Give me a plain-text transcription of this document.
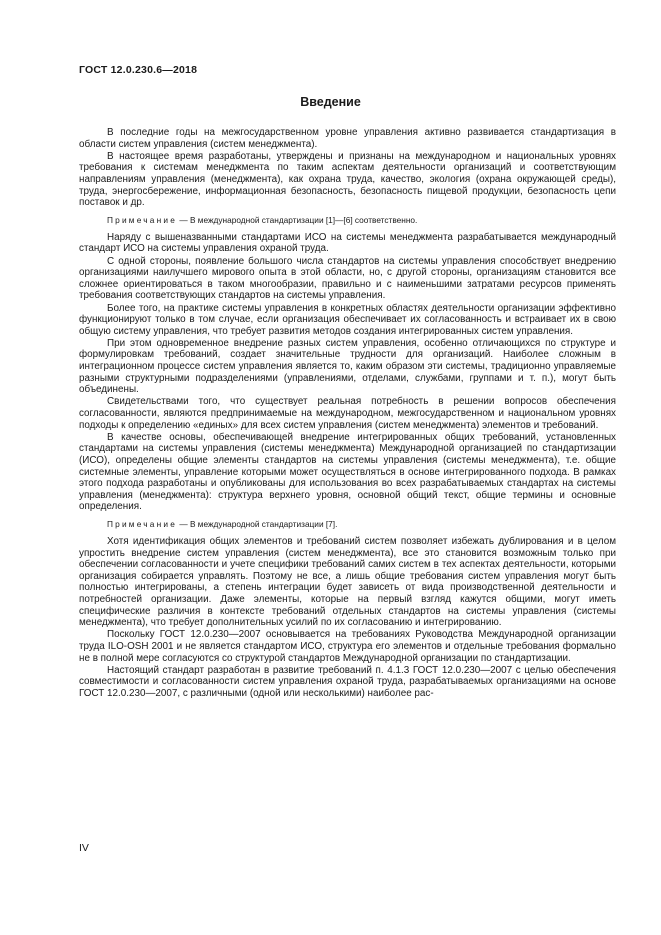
ГОСТ 12.0.230.6—2018
Введение

В последние годы на межгосударственном уровне управления активно развивается стандартизация в области систем управления (систем менеджмента).

В настоящее время разработаны, утверждены и признаны на международном и национальных уровнях требования к системам менеджмента по таким аспектам деятельности организаций и соответствующим направлениям управления (менеджмента), как охрана труда, качество, экология (охрана окружающей среды), труда, энергосбережение, информационная безопасность, безопасность пищевой продукции, безопасность цепи поставок и др.

Примечание — В международной стандартизации [1]—[6] соответственно.

Наряду с вышеназванными стандартами ИСО на системы менеджмента разрабатывается международный стандарт ИСО на системы управления охраной труда.

С одной стороны, появление большого числа стандартов на системы управления способствует внедрению организациями наилучшего мирового опыта в этой области, но, с другой стороны, организациям становится все сложнее ориентироваться в таком многообразии, правильно и с наименьшими затратами ресурсов применять требования соответствующих стандартов на системы управления.

Более того, на практике системы управления в конкретных областях деятельности организации эффективно функционируют только в том случае, если организация обеспечивает их согласованность и встраивает их в свою общую систему управления, что требует развития методов создания интегрированных систем управления.

При этом одновременное внедрение разных систем управления, особенно отличающихся по структуре и формулировкам требований, создает значительные трудности для организаций. Наиболее сложным в интеграционном процессе систем управления является то, каким образом эти системы, традиционно управляемые разными структурными подразделениями (управлениями, отделами, службами, группами и т. п.), могут быть объединены.

Свидетельствами того, что существует реальная потребность в решении вопросов обеспечения согласованности, являются предпринимаемые на международном, межгосударственном и национальном уровнях подходы к определению «единых» для всех систем управления (систем менеджмента) элементов и требований.

В качестве основы, обеспечивающей внедрение интегрированных общих требований, установленных стандартами на системы управления (системы менеджмента) Международной организацией по стандартизации (ИСО), определены общие элементы стандартов на системы управления (системы менеджмента), т.е. общие системные элементы, управление которыми может осуществляться в основе интегрированного подхода. В рамках этого подхода разработаны и опубликованы для использования во всех разрабатываемых стандартах на системы управления (менеджмента): структура верхнего уровня, основной общий текст, общие термины и основные определения.

Примечание — В международной стандартизации [7].

Хотя идентификация общих элементов и требований систем позволяет избежать дублирования и в целом упростить внедрение систем управления (систем менеджмента), все это становится возможным только при обеспечении согласованности и учете специфики требований самих систем в тех аспектах деятельности, которыми организация собирается управлять. Поэтому не все, а лишь общие требования систем управления могут быть полностью интегрированы, а степень интеграции будет зависеть от вида производственной деятельности и потребностей организации. Даже элементы, которые на первый взгляд кажутся общими, могут иметь специфические различия в контексте требований отдельных стандартов на системы управления (системы менеджмента), что требует дополнительных усилий по их согласованию и интегрированию.

Поскольку ГОСТ 12.0.230—2007 основывается на требованиях Руководства Международной организации труда ILO-OSH 2001 и не является стандартом ИСО, структура его элементов и отдельные требования формально не в полной мере согласуются со структурой стандартов Международной организации по стандартизации.

Настоящий стандарт разработан в развитие требований п. 4.1.3 ГОСТ 12.0.230—2007 с целью обеспечения совместимости и согласованности систем управления охраной труда, разрабатываемых организациями на основе ГОСТ 12.0.230—2007, с различными (одной или несколькими) наиболее рас-

IV
